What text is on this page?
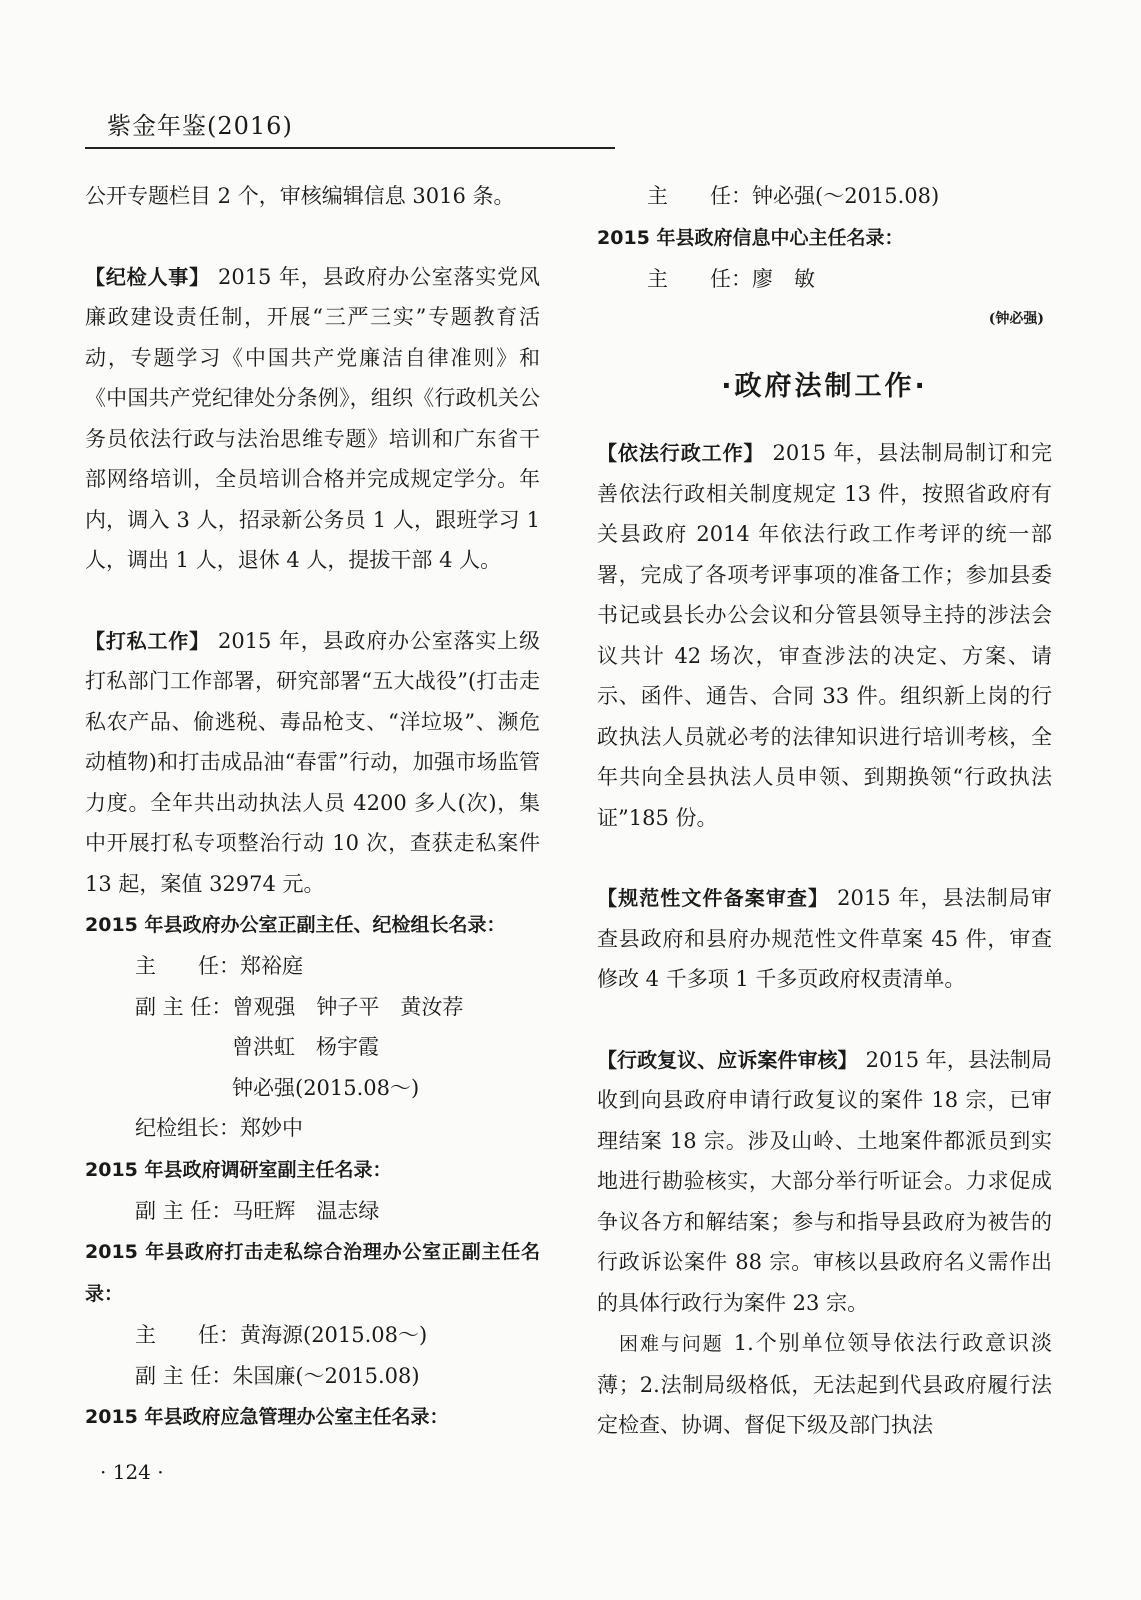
紫金年鉴(2016)

公开专题栏目 2 个，审核编辑信息 3016 条。

【纪检人事】 2015 年，县政府办公室落实党风廉政建设责任制，开展“三严三实”专题教育活动，专题学习《中国共产党廉洁自律准则》和《中国共产党纪律处分条例》，组织《行政机关公务员依法行政与法治思维专题》培训和广东省干部网络培训，全员培训合格并完成规定学分。年内，调入 3 人，招录新公务员 1 人，跟班学习 1 人，调出 1 人，退休 4 人，提拔干部 4 人。

【打私工作】 2015 年，县政府办公室落实上级打私部门工作部署，研究部署“五大战役”(打击走私农产品、偷逃税、毒品枪支、“洋垃圾”、濒危动植物)和打击成品油“春雷”行动，加强市场监管力度。全年共出动执法人员 4200 多人(次)，集中开展打私专项整治行动 10 次，查获走私案件 13 起，案值 32974 元。

2015 年县政府办公室正副主任、纪检组长名录：

主　　任：郑裕庭

副 主 任：曾观强　钟子平　黄汝荐

曾洪虹　杨宇霞

钟必强(2015.08～)

纪检组长：郑妙中

2015 年县政府调研室副主任名录：

副 主 任：马旺辉　温志绿

2015 年县政府打击走私综合治理办公室正副主任名录：

主　　任：黄海源(2015.08～)

副 主 任：朱国廉(～2015.08)

2015 年县政府应急管理办公室主任名录：

主　　任：钟必强(～2015.08)

2015 年县政府信息中心主任名录：

主　　任：廖　敏

(钟必强)

·政府法制工作·

【依法行政工作】 2015 年，县法制局制订和完善依法行政相关制度规定 13 件，按照省政府有关县政府 2014 年依法行政工作考评的统一部署，完成了各项考评事项的准备工作；参加县委书记或县长办公会议和分管县领导主持的涉法会议共计 42 场次，审查涉法的决定、方案、请示、函件、通告、合同 33 件。组织新上岗的行政执法人员就必考的法律知识进行培训考核，全年共向全县执法人员申领、到期换领“行政执法证”185 份。

【规范性文件备案审查】 2015 年，县法制局审查县政府和县府办规范性文件草案 45 件，审查修改 4 千多项 1 千多页政府权责清单。

【行政复议、应诉案件审核】 2015 年，县法制局收到向县政府申请行政复议的案件 18 宗，已审理结案 18 宗。涉及山岭、土地案件都派员到实地进行勘验核实，大部分举行听证会。力求促成争议各方和解结案；参与和指导县政府为被告的行政诉讼案件 88 宗。审核以县政府名义需作出的具体行政行为案件 23 宗。

困难与问题 1.个别单位领导依法行政意识淡薄；2.法制局级格低，无法起到代县政府履行法定检查、协调、督促下级及部门执法

· 124 ·
